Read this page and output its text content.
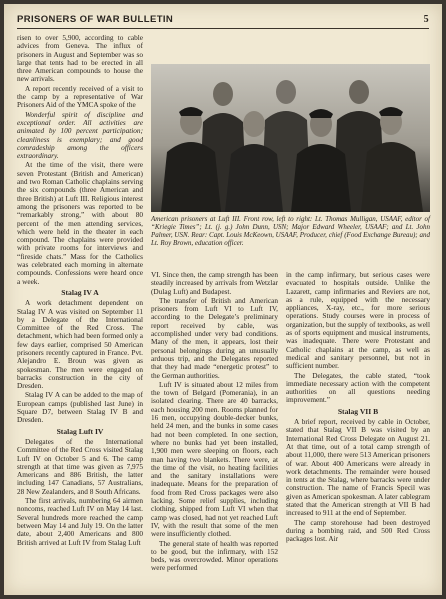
PRISONERS OF WAR BULLETIN	5

risen to over 5,900, according to cable advices from Geneva. The influx of prisoners in August and September was so large that tents had to be erected in all three American compounds to house the new arrivals.

A report recently received of a visit to the camp by a representative of War Prisoners Aid of the YMCA spoke of the

Wonderful spirit of discipline and exceptional order. All activities are animated by 100 percent participation; cleanliness is exemplary; and good comradeship among the officers extraordinary.

At the time of the visit, there were seven Protestant (British and American) and two Roman Catholic chaplains serving the six compounds (three American and three British) at Luft III. Religious interest among the prisoners was reported to be “remarkably strong,” with about 80 percent of the men attending services, which were held in the theater in each compound. The chaplains were provided with private rooms for interviews and “fireside chats.” Mass for the Catholics was celebrated each morning in alternate compounds. Confessions were heard once a week.

Stalag IV A

A work detachment dependent on Stalag IV A was visited on September 11 by a Delegate of the International Committee of the Red Cross. The detachment, which had been formed only a few days earlier, comprised 50 American prisoners recently captured in France. Pvt. Alejandro E. Broun was given as spokesman. The men were engaged on barracks construction in the city of Dresden.

Stalag IV A can be added to the map of European camps (published last June) in Square D7, between Stalag IV B and Dresden.

Stalag Luft IV

Delegates of the International Committee of the Red Cross visited Stalag Luft IV on October 5 and 6. The camp strength at that time was given as 7,975 Americans and 886 British, the latter including 147 Canadians, 57 Australians, 28 New Zealanders, and 8 South Africans.

The first arrivals, numbering 64 airmen noncoms, reached Luft IV on May 14 last. Several hundreds more reached the camp between May 14 and July 19. On the latter date, about 2,400 Americans and 800 British arrived at Luft IV from Stalag Luft

American prisoners at Luft III. Front row, left to right: Lt. Thomas Mulligan, USAAF, editor of “Kriegie Times”; Lt. (j. g.) John Dunn, USN; Major Edward Wheeler, USAAF; and Lt. John Palmer, USN. Rear: Capt. Louis McKeown, USAAF, Producer, chief (Food Exchange Bureau); and Lt. Roy Brown, education officer.

VI. Since then, the camp strength has been steadily increased by arrivals from Wetzlar (Dulag Luft) and Budapest.

The transfer of British and American prisoners from Luft VI to Luft IV, according to the Delegate’s preliminary report received by cable, was accomplished under very bad conditions. Many of the men, it appears, lost their personal belongings during an unusually arduous trip, and the Delegates reported that they had made “energetic protest” to the German authorities.

Luft IV is situated about 12 miles from the town of Belgard (Pomerania), in an isolated clearing. There are 40 barracks, each housing 200 men. Rooms planned for 16 men, occupying double-decker bunks, held 24 men, and the bunks in some cases had not been completed. In one section, where no bunks had yet been installed, 1,900 men were sleeping on floors, each man having two blankets. There were, at the time of the visit, no heating facilities and the sanitary installations were inadequate. Means for the preparation of food from Red Cross packages were also lacking. Some relief supplies, including clothing, shipped from Luft VI when that camp was closed, had not yet reached Luft IV, with the result that some of the men were insufficiently clothed.

The general state of health was reported to be good, but the infirmary, with 152 beds, was overcrowded. Minor operations were performed

in the camp infirmary, but serious cases were evacuated to hospitals outside. Unlike the Lazarett, camp infirmaries and Reviers are not, as a rule, equipped with the necessary appliances, X-ray, etc., for more serious operations. Study courses were in process of organization, but the supply of textbooks, as well as of sports equipment and musical instruments, was inadequate. There were Protestant and Catholic chaplains at the camp, as well as medical and sanitary personnel, but not in sufficient number.

The Delegates, the cable stated, “took immediate necessary action with the competent authorities on all questions needing improvement.”

Stalag VII B

A brief report, received by cable in October, stated that Stalag VII B was visited by an International Red Cross Delegate on August 21. At that time, out of a total camp strength of about 11,000, there were 513 American prisoners of war. About 400 Americans were already in work detachments. The remainder were housed in tents at the Stalag, where barracks were under construction. The name of Francis Specil was given as American spokesman. A later cablegram stated that the American strength at VII B had increased to 911 at the end of September.

The camp storehouse had been destroyed during a bombing raid, and 500 Red Cross packages lost. Air
